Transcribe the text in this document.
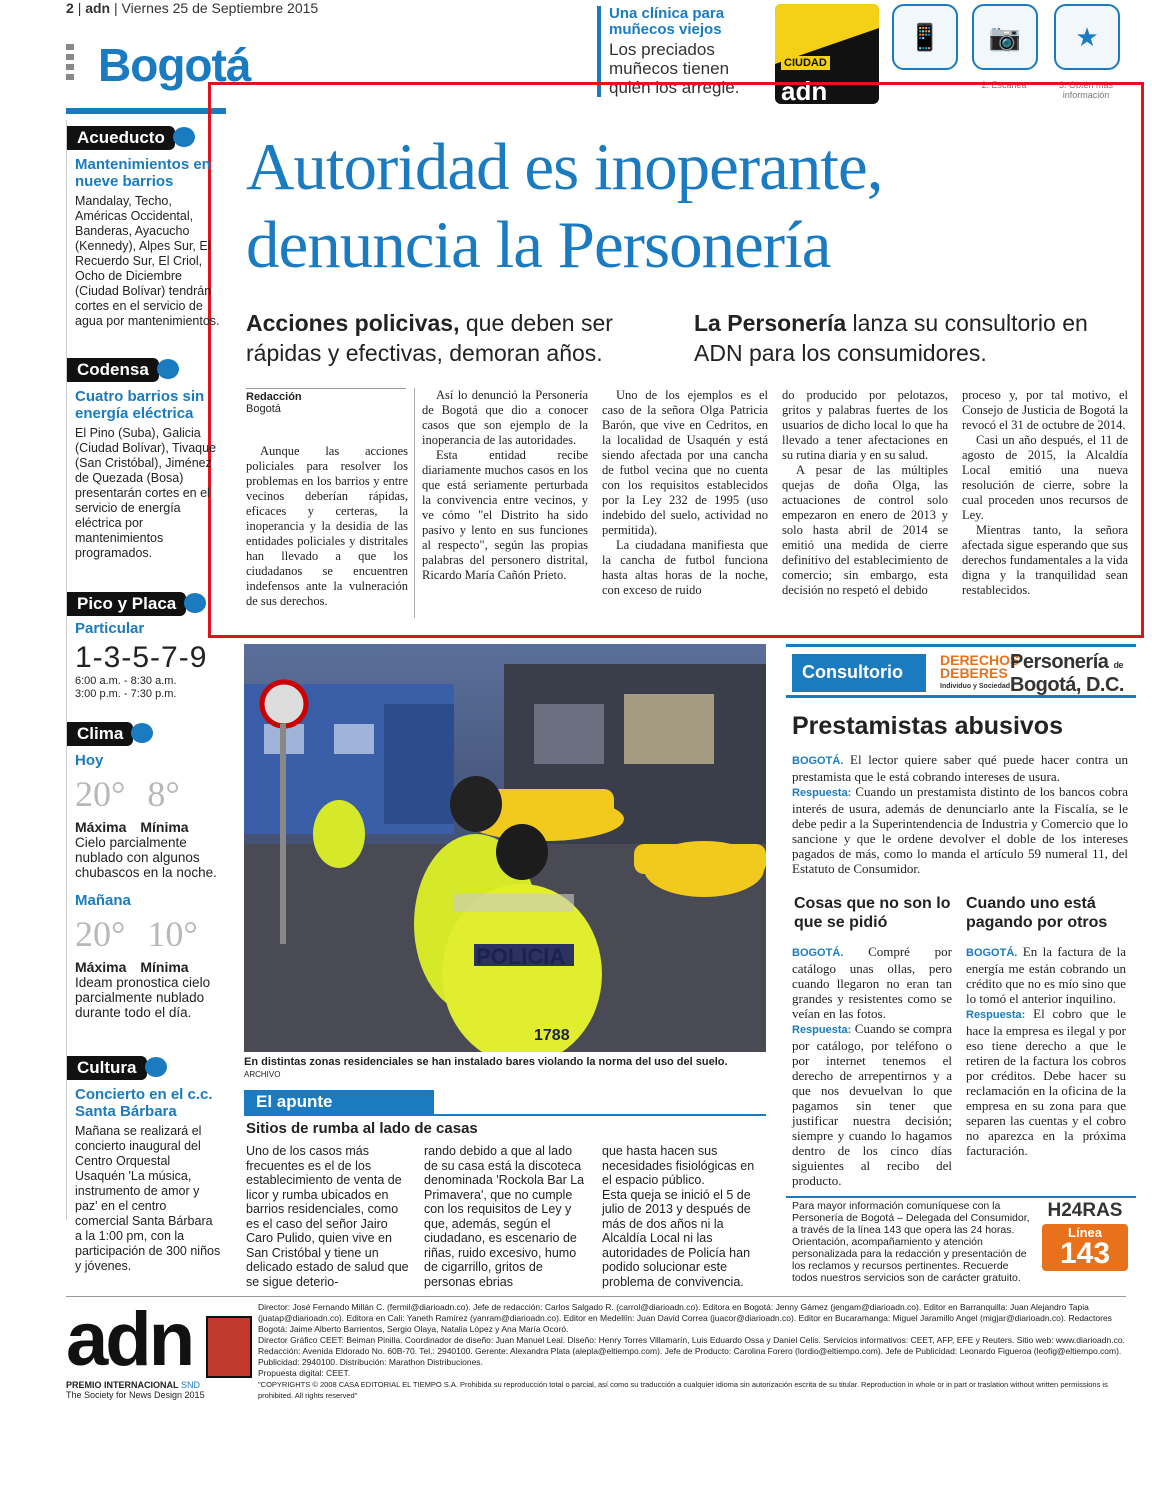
2 | adn | Viernes 25 de Septiembre 2015
Bogotá
Una clínica para muñecos viejos
Los preciados muñecos tienen quién los arregle.
CIUDAD
adn
📱	📷	★
2. Escanea	3. Obtén más información
Acueducto
Mantenimientos en nueve barrios
Mandalay, Techo, Américas Occidental, Banderas, Ayacucho (Kennedy), Alpes Sur, El Recuerdo Sur, El Criol, Ocho de Diciembre (Ciudad Bolívar) tendrán cortes en el servicio de agua por mantenimientos.
Codensa
Cuatro barrios sin energía eléctrica
El Pino (Suba), Galicia (Ciudad Bolívar), Tivaque (San Cristóbal), Jiménez de Quezada (Bosa) presentarán cortes en el servicio de energía eléctrica por mantenimientos programados.
Pico y Placa
Particular
1-3-5-7-9
6:00 a.m. - 8:30 a.m.
3:00 p.m. - 7:30 p.m.
Clima
Hoy
20° 8°
Máxima Mínima
Cielo parcialmente nublado con algunos chubascos en la noche.
Mañana
20° 10°
Máxima Mínima
Ideam pronostica cielo parcialmente nublado durante todo el día.
Cultura
Concierto en el c.c. Santa Bárbara
Mañana se realizará el concierto inaugural del Centro Orquestal Usaquén 'La música, instrumento de amor y paz' en el centro comercial Santa Bárbara a la 1:00 pm, con la participación de 300 niños y jóvenes.
Autoridad es inoperante,
denuncia la Personería
Acciones policivas, que deben ser rápidas y efectivas, demoran años.
La Personería lanza su consultorio en ADN para los consumidores.
Redacción
Bogotá
Aunque las acciones policiales para resolver los problemas en los barrios y entre vecinos deberían rápidas, eficaces y certeras, la inoperancia y la desidia de las entidades policiales y distritales han llevado a que los ciudadanos se encuentren indefensos ante la vulneración de sus derechos.
Así lo denunció la Personería de Bogotá que dio a conocer casos que son ejemplo de la inoperancia de las autoridades.
Esta entidad recibe diariamente muchos casos en los que está seriamente perturbada la convivencia entre vecinos, y ve cómo "el Distrito ha sido pasivo y lento en sus funciones al respecto", según las propias palabras del personero distrital, Ricardo María Cañón Prieto.
Uno de los ejemplos es el caso de la señora Olga Patricia Barón, que vive en Cedritos, en la localidad de Usaquén y está siendo afectada por una cancha de futbol vecina que no cuenta con los requisitos establecidos por la Ley 232 de 1995 (uso indebido del suelo, actividad no permitida).
La ciudadana manifiesta que la cancha de futbol funciona hasta altas horas de la noche, con exceso de ruido
do producido por pelotazos, gritos y palabras fuertes de los usuarios de dicho local lo que ha llevado a tener afectaciones en su rutina diaria y en su salud.
A pesar de las múltiples quejas de doña Olga, las actuaciones de control solo empezaron en enero de 2013 y solo hasta abril de 2014 se emitió una medida de cierre definitivo del establecimiento de comercio; sin embargo, esta decisión no respetó el debido
proceso y, por tal motivo, el Consejo de Justicia de Bogotá la revocó el 31 de octubre de 2014.
Casi un año después, el 11 de agosto de 2015, la Alcaldía Local emitió una nueva resolución de cierre, sobre la cual proceden unos recursos de Ley.
Mientras tanto, la señora afectada sigue esperando que sus derechos fundamentales a la vida digna y la tranquilidad sean restablecidos.
POLICIA
1788
En distintas zonas residenciales se han instalado bares violando la norma del uso del suelo. ARCHIVO
El apunte
Sitios de rumba al lado de casas
Uno de los casos más frecuentes es el de los establecimiento de venta de licor y rumba ubicados en barrios residenciales, como es el caso del señor Jairo Caro Pulido, quien vive en San Cristóbal y tiene un delicado estado de salud que se sigue deterio-
rando debido a que al lado de su casa está la discoteca denominada 'Rockola Bar La Primavera', que no cumple con los requisitos de Ley y que, además, según el ciudadano, es escenario de riñas, ruido excesivo, humo de cigarrillo, gritos de personas ebrias
que hasta hacen sus necesidades fisiológicas en el espacio público.
Esta queja se inició el 5 de julio de 2013 y después de más de dos años ni la Alcaldía Local ni las autoridades de Policía han podido solucionar este problema de convivencia.
Consultorio
DERECHOS
DEBERES
Individuo y Sociedad
Personería de
Bogotá, D.C.
Prestamistas abusivos
BOGOTÁ. El lector quiere saber qué puede hacer contra un prestamista que le está cobrando intereses de usura.
Respuesta: Cuando un prestamista distinto de los bancos cobra interés de usura, además de denunciarlo ante la Fiscalía, se le debe pedir a la Superintendencia de Industria y Comercio que lo sancione y que le ordene devolver el doble de los intereses pagados de más, como lo manda el artículo 59 numeral 11, del Estatuto de Consumidor.
Cosas que no son lo que se pidió
BOGOTÁ. Compré por catálogo unas ollas, pero cuando llegaron no eran tan grandes y resistentes como se veían en las fotos.
Respuesta: Cuando se compra por catálogo, por teléfono o por internet tenemos el derecho de arrepentirnos y a que nos devuelvan lo que pagamos sin tener que justificar nuestra decisión; siempre y cuando lo hagamos dentro de los cinco días siguientes al recibo del producto.
Cuando uno está pagando por otros
BOGOTÁ. En la factura de la energía me están cobrando un crédito que no es mío sino que lo tomó el anterior inquilino.
Respuesta: El cobro que le hace la empresa es ilegal y por eso tiene derecho a que le retiren de la factura los cobros por créditos. Debe hacer su reclamación en la oficina de la empresa en su zona para que separen las cuentas y el cobro no aparezca en la próxima facturación.
Para mayor información comuníquese con la Personería de Bogotá – Delegada del Consumidor, a través de la línea 143 que opera las 24 horas. Orientación, acompañamiento y atención personalizada para la redacción y presentación de los reclamos y recursos pertinentes. Recuerde todos nuestros servicios son de carácter gratuito.
H24RAS
Línea
143
adn
PREMIO INTERNACIONAL SND
The Society for News Design 2015
Director: José Fernando Millán C. (fermil@diarioadn.co). Jefe de redacción: Carlos Salgado R. (carrol@diarioadn.co). Editora en Bogotá: Jenny Gámez (jengam@diarioadn.co). Editor en Barranquilla: Juan Alejandro Tapia (juatap@diarioadn.co). Editora en Cali: Yaneth Ramírez (yanram@diarioadn.co). Editor en Medellín: Juan David Correa (juacor@diarioadn.co). Editor en Bucaramanga: Miguel Jaramillo Angel (migjar@diarioadn.co). Redactores Bogotá: Jaime Alberto Barrientos, Sergio Olaya, Natalia López y Ana María Ocoró.
Director Gráfico CEET: Beiman Pinilla. Coordinador de diseño: Juan Manuel Leal. Diseño: Henry Torres Villamarín, Luis Eduardo Ossa y Daniel Celis. Servicios informativos: CEET, AFP, EFE y Reuters. Sitio web: www.diarioadn.co. Redacción: Avenida Eldorado No. 60B-70. Tel.: 2940100. Gerente: Alexandra Plata (alepla@eltiempo.com). Jefe de Producto: Carolina Forero (lordio@eltiempo.com). Jefe de Publicidad: Leonardo Figueroa (leofig@eltiempo.com). Publicidad: 2940100. Distribución: Marathon Distribuciones.
Propuesta digital: CEET.
"COPYRIGHTS © 2008 CASA EDITORIAL EL TIEMPO S.A. Prohibida su reproducción total o parcial, así como su traducción a cualquier idioma sin autorización escrita de su titular. Reproduction in whole or in part or traslation without written permissions is prohibited. All rights reserved"
